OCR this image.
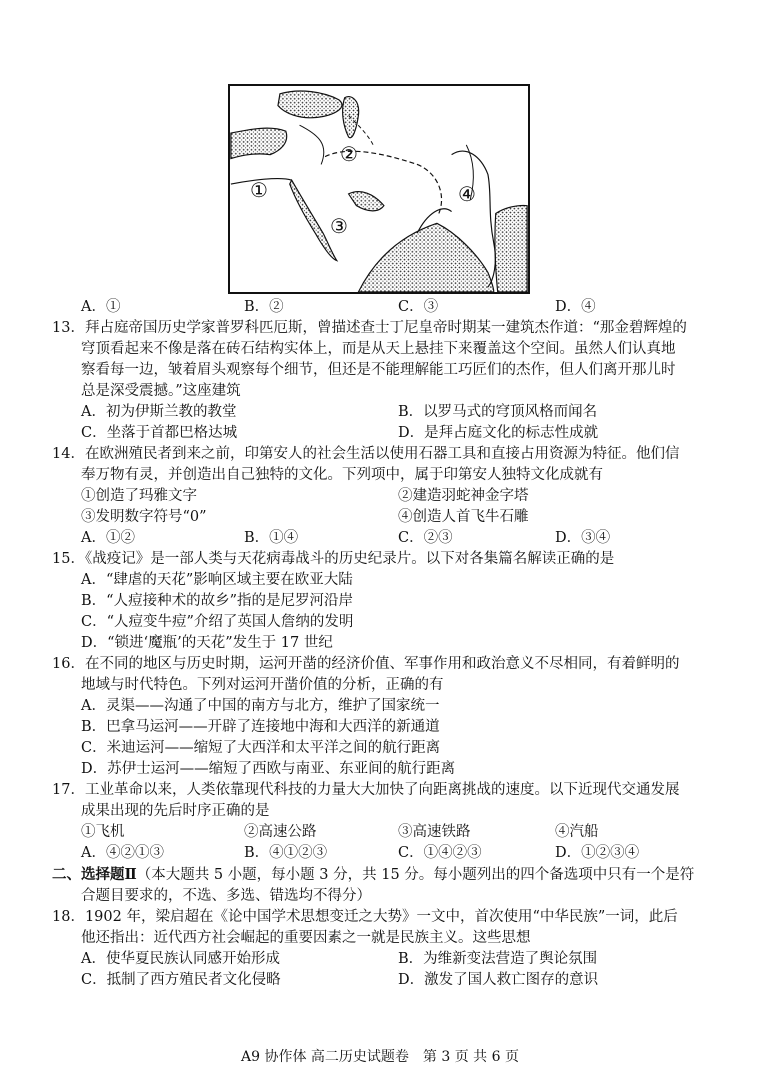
①
②
③
④
A．①	B．②	C．③	D．④
13．拜占庭帝国历史学家普罗科匹厄斯，曾描述查士丁尼皇帝时期某一建筑杰作道：“那金碧辉煌的
穹顶看起来不像是落在砖石结构实体上，而是从天上悬挂下来覆盖这个空间。虽然人们认真地
察看每一边，皱着眉头观察每个细节，但还是不能理解能工巧匠们的杰作，但人们离开那儿时
总是深受震撼。”这座建筑
A．初为伊斯兰教的教堂	B．以罗马式的穹顶风格而闻名
C．坐落于首都巴格达城	D．是拜占庭文化的标志性成就
14．在欧洲殖民者到来之前，印第安人的社会生活以使用石器工具和直接占用资源为特征。他们信
奉万物有灵，并创造出自己独特的文化。下列项中，属于印第安人独特文化成就有
①创造了玛雅文字	②建造羽蛇神金字塔
③发明数字符号“0”	④创造人首飞牛石雕
A．①②	B．①④	C．②③	D．③④
15．《战疫记》是一部人类与天花病毒战斗的历史纪录片。以下对各集篇名解读正确的是
A．“肆虐的天花”影响区域主要在欧亚大陆
B．“人痘接种术的故乡”指的是尼罗河沿岸
C．“人痘变牛痘”介绍了英国人詹纳的发明
D．“锁进‘魔瓶’的天花”发生于 17 世纪
16．在不同的地区与历史时期，运河开凿的经济价值、军事作用和政治意义不尽相同，有着鲜明的
地域与时代特色。下列对运河开凿价值的分析，正确的有
A．灵渠——沟通了中国的南方与北方，维护了国家统一
B．巴拿马运河——开辟了连接地中海和大西洋的新通道
C．米迪运河——缩短了大西洋和太平洋之间的航行距离
D．苏伊士运河——缩短了西欧与南亚、东亚间的航行距离
17．工业革命以来，人类依靠现代科技的力量大大加快了向距离挑战的速度。以下近现代交通发展
成果出现的先后时序正确的是
①飞机	②高速公路	③高速铁路	④汽船
A．④②①③	B．④①②③	C．①④②③	D．①②③④
二、选择题Ⅱ（本大题共 5 小题，每小题 3 分，共 15 分。每小题列出的四个备选项中只有一个是符
合题目要求的，不选、多选、错选均不得分）
18．1902 年，梁启超在《论中国学术思想变迁之大势》一文中，首次使用“中华民族”一词，此后
他还指出：近代西方社会崛起的重要因素之一就是民族主义。这些思想
A．使华夏民族认同感开始形成	B．为维新变法营造了舆论氛围
C．抵制了西方殖民者文化侵略	D．激发了国人救亡图存的意识
A9 协作体 高二历史试题卷　第 3 页 共 6 页
